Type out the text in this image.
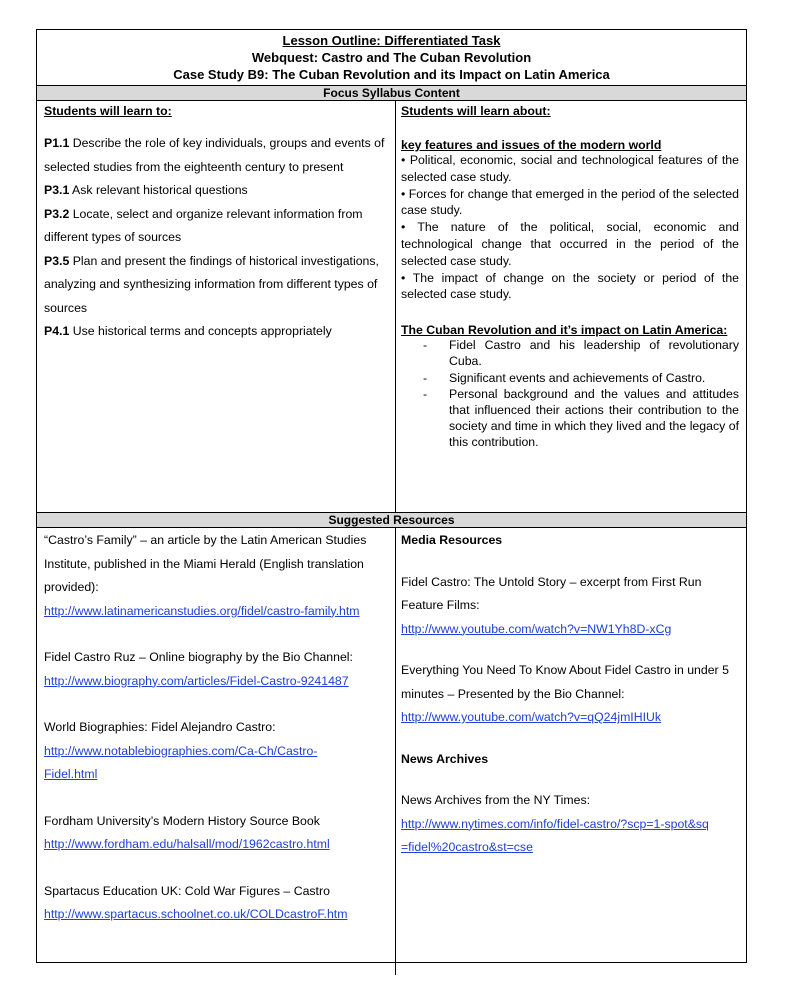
Lesson Outline: Differentiated Task
Webquest: Castro and The Cuban Revolution
Case Study B9: The Cuban Revolution and its Impact on Latin America
Focus Syllabus Content
Students will learn to:
P1.1 Describe the role of key individuals, groups and events of selected studies from the eighteenth century to present
P3.1 Ask relevant historical questions
P3.2 Locate, select and organize relevant information from different types of sources
P3.5 Plan and present the findings of historical investigations, analyzing and synthesizing information from different types of sources
P4.1 Use historical terms and concepts appropriately
Students will learn about:
key features and issues of the modern world
• Political, economic, social and technological features of the selected case study.
• Forces for change that emerged in the period of the selected case study.
• The nature of the political, social, economic and technological change that occurred in the period of the selected case study.
• The impact of change on the society or period of the selected case study.
The Cuban Revolution and it’s impact on Latin America:
- Fidel Castro and his leadership of revolutionary Cuba.
- Significant events and achievements of Castro.
- Personal background and the values and attitudes that influenced their actions their contribution to the society and time in which they lived and the legacy of this contribution.
Suggested Resources
“Castro’s Family” – an article by the Latin American Studies Institute, published in the Miami Herald (English translation provided):
http://www.latinamericanstudies.org/fidel/castro-family.htm
Fidel Castro Ruz – Online biography by the Bio Channel:
http://www.biography.com/articles/Fidel-Castro-9241487
World Biographies: Fidel Alejandro Castro:
http://www.notablebiographies.com/Ca-Ch/Castro-Fidel.html
Fordham University’s Modern History Source Book
http://www.fordham.edu/halsall/mod/1962castro.html
Spartacus Education UK: Cold War Figures – Castro
http://www.spartacus.schoolnet.co.uk/COLDcastroF.htm
Media Resources
Fidel Castro: The Untold Story – excerpt from First Run Feature Films:
http://www.youtube.com/watch?v=NW1Yh8D-xCg
Everything You Need To Know About Fidel Castro in under 5 minutes – Presented by the Bio Channel:
http://www.youtube.com/watch?v=qQ24jmIHIUk
News Archives
News Archives from the NY Times:
http://www.nytimes.com/info/fidel-castro/?scp=1-spot&sq=fidel%20castro&st=cse
